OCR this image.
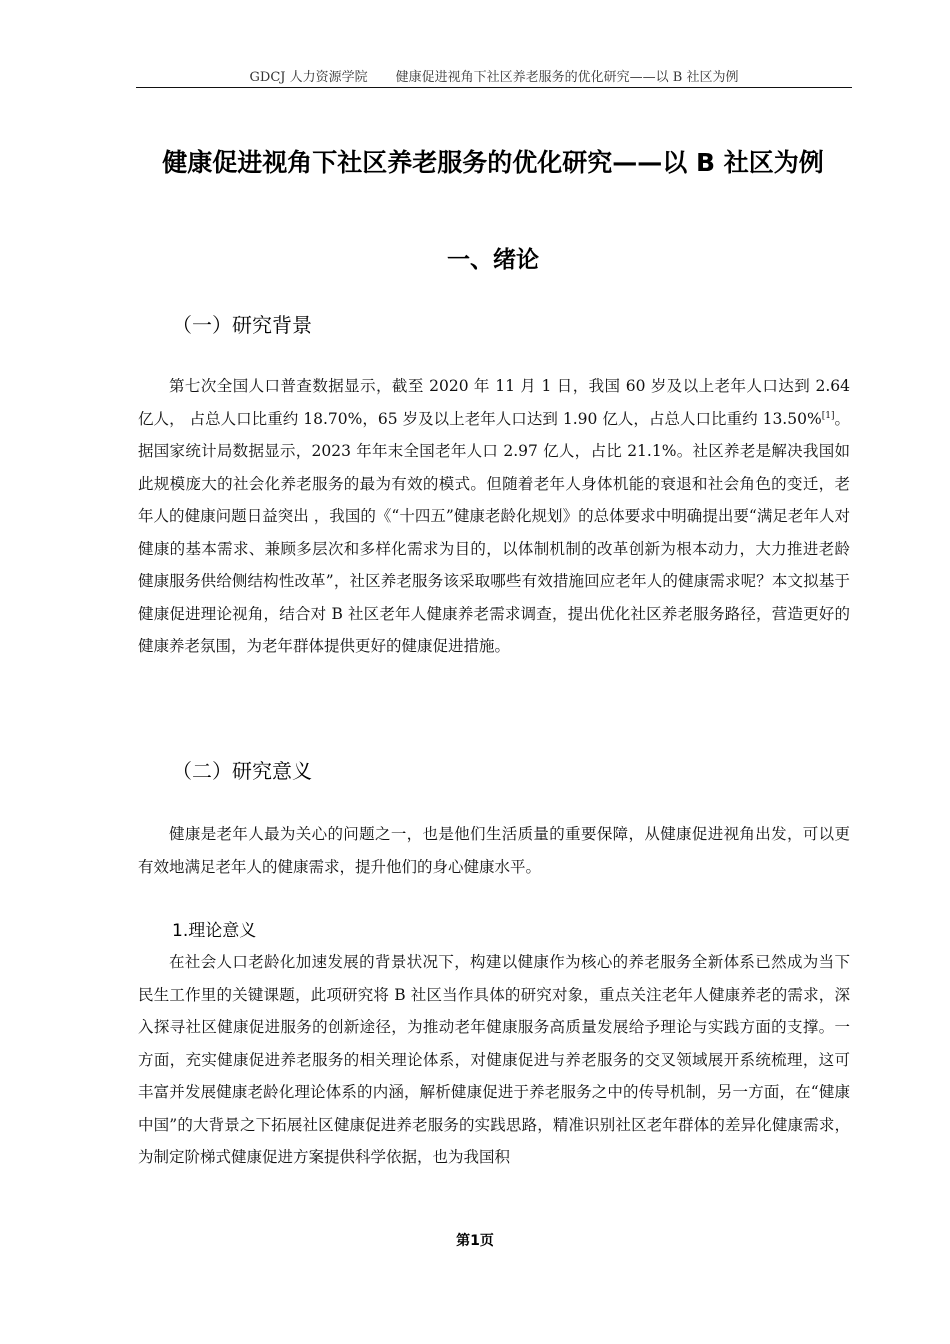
GDCJ 人力资源学院 健康促进视角下社区养老服务的优化研究——以 B 社区为例
健康促进视角下社区养老服务的优化研究——以 B 社区为例
一、绪论
（一）研究背景

第七次全国人口普查数据显示，截至 2020 年 11 月 1 日，我国 60 岁及以上老年人口达到 2.64 亿人， 占总人口比重约 18.70%，65 岁及以上老年人口达到 1.90 亿人，占总人口比重约 13.50%[1]。据国家统计局数据显示，2023 年年末全国老年人口 2.97 亿人，占比 21.1%。社区养老是解决我国如此规模庞大的社会化养老服务的最为有效的模式。但随着老年人身体机能的衰退和社会角色的变迁，老年人的健康问题日益突出 ，我国的《“十四五”健康老龄化规划》的总体要求中明确提出要“满足老年人对健康的基本需求、兼顾多层次和多样化需求为目的，以体制机制的改革创新为根本动力，大力推进老龄健康服务供给侧结构性改革”，社区养老服务该采取哪些有效措施回应老年人的健康需求呢？本文拟基于健康促进理论视角，结合对 B 社区老年人健康养老需求调查，提出优化社区养老服务路径，营造更好的健康养老氛围，为老年群体提供更好的健康促进措施。

（二）研究意义

健康是老年人最为关心的问题之一，也是他们生活质量的重要保障，从健康促进视角出发，可以更有效地满足老年人的健康需求，提升他们的身心健康水平。

1.理论意义

在社会人口老龄化加速发展的背景状况下，构建以健康作为核心的养老服务全新体系已然成为当下民生工作里的关键课题，此项研究将 B 社区当作具体的研究对象，重点关注老年人健康养老的需求，深入探寻社区健康促进服务的创新途径，为推动老年健康服务高质量发展给予理论与实践方面的支撑。一方面，充实健康促进养老服务的相关理论体系，对健康促进与养老服务的交叉领域展开系统梳理，这可丰富并发展健康老龄化理论体系的内涵，解析健康促进于养老服务之中的传导机制，另一方面，在“健康中国”的大背景之下拓展社区健康促进养老服务的实践思路，精准识别社区老年群体的差异化健康需求，为制定阶梯式健康促进方案提供科学依据，也为我国积

第1页
